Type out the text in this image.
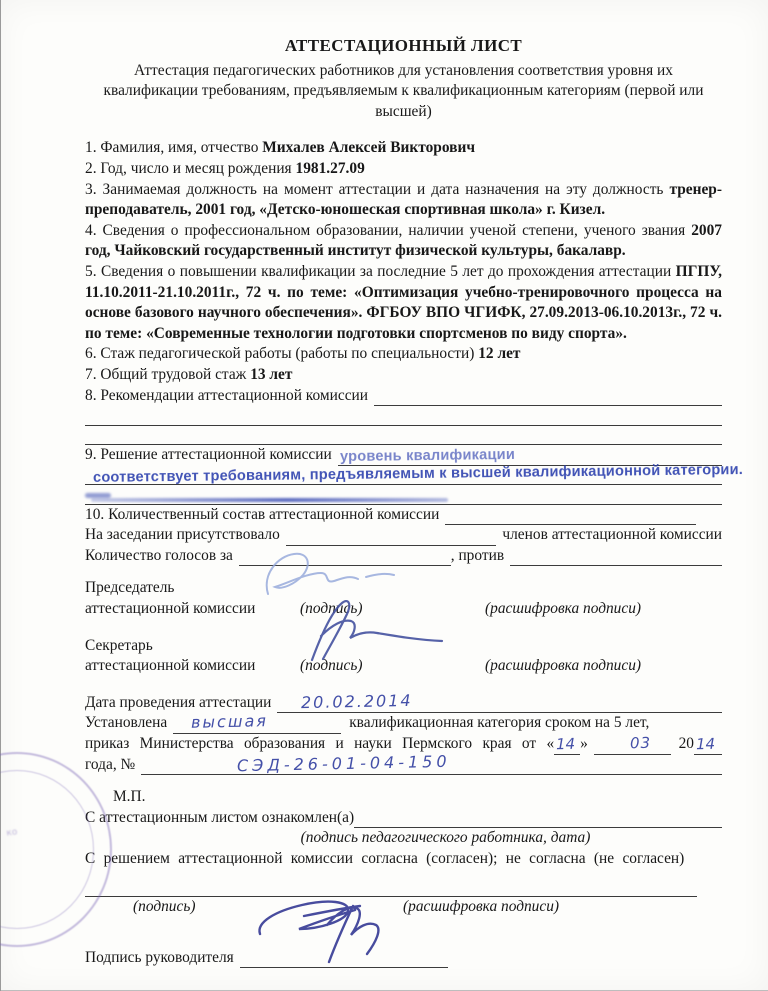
АТТЕСТАЦИОННЫЙ ЛИСТ

Аттестация педагогических работников для установления соответствия уровня их квалификации требованиям, предъявляемым к квалификационным категориям (первой или высшей)

1. Фамилия, имя, отчество Михалев Алексей Викторович

2. Год, число и месяц рождения 1981.27.09

3. Занимаемая должность на момент аттестации и дата назначения на эту должность тренер-преподаватель, 2001 год, «Детско-юношеская спортивная школа» г. Кизел.

4. Сведения о профессиональном образовании, наличии ученой степени, ученого звания 2007 год, Чайковский государственный институт физической культуры, бакалавр.

5. Сведения о повышении квалификации за последние 5 лет до прохождения аттестации ПГПУ, 11.10.2011-21.10.2011г., 72 ч. по теме: «Оптимизация учебно-тренировочного процесса на основе базового научного обеспечения». ФГБОУ ВПО ЧГИФК, 27.09.2013-06.10.2013г., 72 ч. по теме: «Современные технологии подготовки спортсменов по виду спорта».

6. Стаж педагогической работы (работы по специальности) 12 лет

7. Общий трудовой стаж 13 лет

8. Рекомендации аттестационной комиссии
9. Решение аттестационной комиссии уровень квалификации
соответствует требованиям, предъявляемым к высшей квалификационной категории.
10. Количественный состав аттестационной комиссии
На заседании присутствовало	членов аттестационной комиссии
Количество голосов за	, против

Председатель

аттестационной комиссии	(подпись)	(расшифровка подписи)

Секретарь

аттестационной комиссии	(подпись)	(расшифровка подписи)
Дата проведения аттестации 20.02.2014
Установлена высшая	квалификационная категория сроком на 5 лет,
приказ Министерства образования и науки Пермского края от « 14 »	03 20 14
года, №	СЭД-26-01-04-150

М.П.

С аттестационным листом ознакомлен(а)

(подпись педагогического работника, дата)

С решением аттестационной комиссии согласна (согласен); не согласна (не согласен)

(подпись)	(расшифровка подписи)
Подпись руководителя
ко
